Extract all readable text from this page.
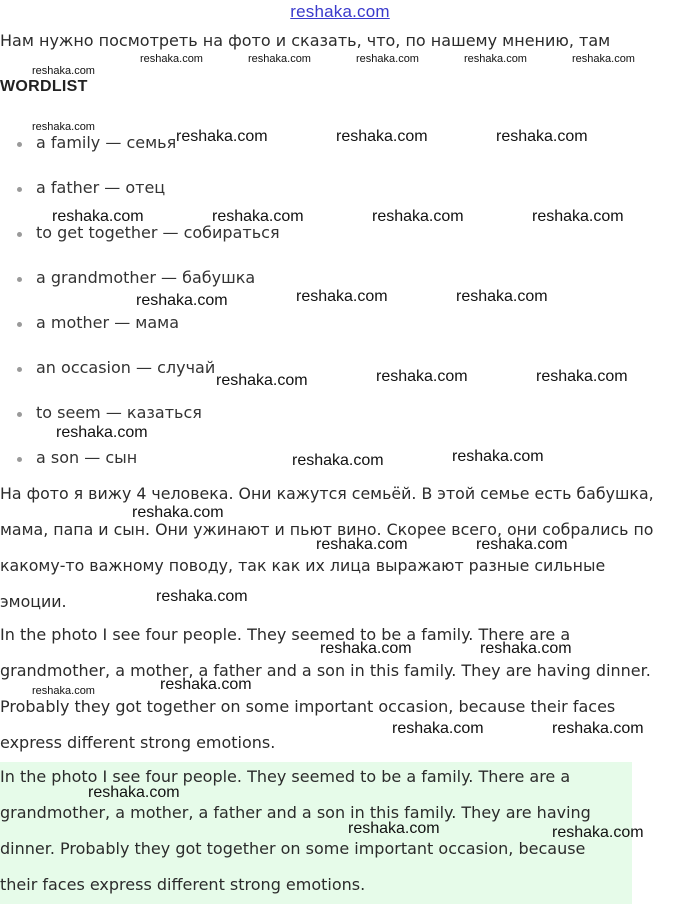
reshaka.com
Нам нужно посмотреть на фото и сказать, что, по нашему мнению, там
WORDLIST
a family — семья
a father — отец
to get together — собираться
a grandmother — бабушка
a mother — мама
an occasion — случай
to seem — казаться
a son — сын

На фото я вижу 4 человека. Они кажутся семьёй. В этой семье есть бабушка, мама, папа и сын. Они ужинают и пьют вино. Скорее всего, они собрались по какому-то важному поводу, так как их лица выражают разные сильные эмоции.

In the photo I see four people. They seemed to be a family. There are a grandmother, a mother, a father and a son in this family. They are having dinner. Probably they got together on some important occasion, because their faces express different strong emotions.

In the photo I see four people. They seemed to be a family. There are a grandmother, a mother, a father and a son in this family. They are having dinner. Probably they got together on some important occasion, because their faces express different strong emotions.

reshaka.com
reshaka.com	reshaka.com	reshaka.com	reshaka.com	reshaka.com
reshaka.com
reshaka.com	reshaka.com	reshaka.com
reshaka.com	reshaka.com	reshaka.com	reshaka.com
reshaka.com	reshaka.com	reshaka.com
reshaka.com	reshaka.com	reshaka.com
reshaka.com
reshaka.com	reshaka.com
reshaka.com
reshaka.com	reshaka.com
reshaka.com
reshaka.com	reshaka.com
reshaka.com	reshaka.com
reshaka.com	reshaka.com
reshaka.com
reshaka.com	reshaka.com
